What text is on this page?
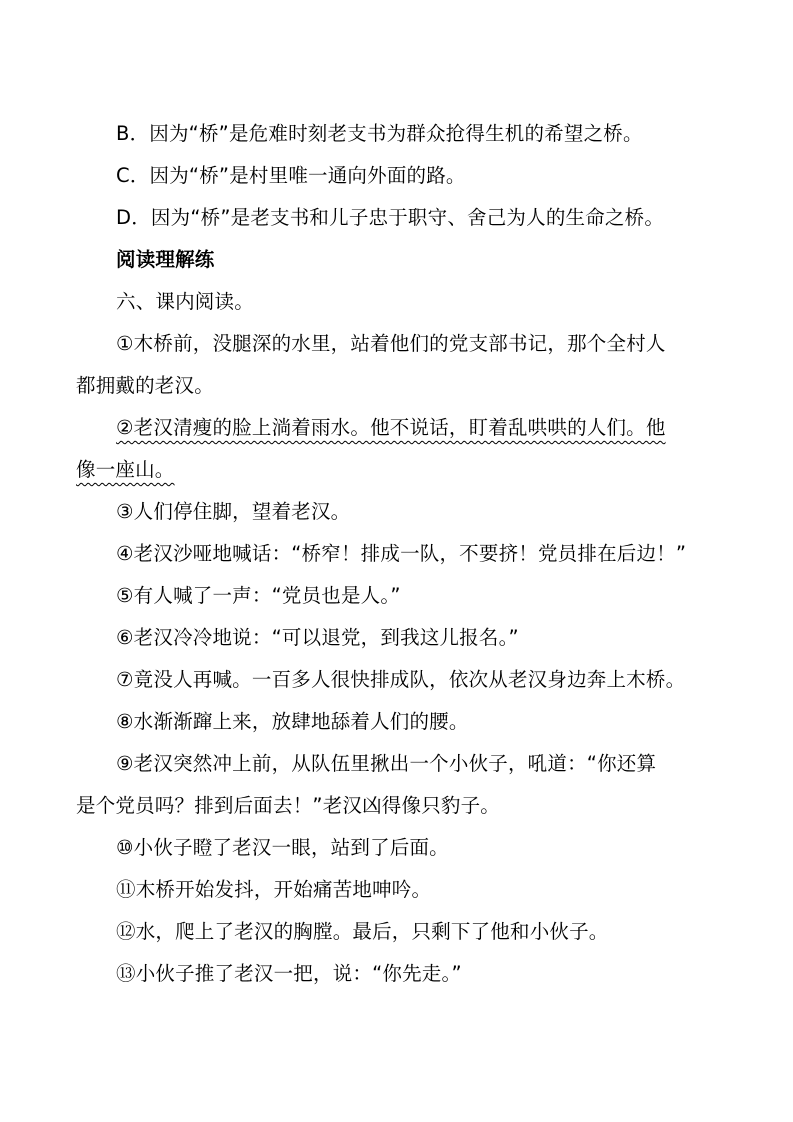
B．因为“桥”是危难时刻老支书为群众抢得生机的希望之桥。
C．因为“桥”是村里唯一通向外面的路。
D．因为“桥”是老支书和儿子忠于职守、舍己为人的生命之桥。
阅读理解练
六、课内阅读。
①木桥前，没腿深的水里，站着他们的党支部书记，那个全村人
都拥戴的老汉。
②老汉清瘦的脸上淌着雨水。他不说话，盯着乱哄哄的人们。他
像一座山。
③人们停住脚，望着老汉。
④老汉沙哑地喊话：“桥窄！排成一队，不要挤！党员排在后边！”
⑤有人喊了一声：“党员也是人。”
⑥老汉冷冷地说：“可以退党，到我这儿报名。”
⑦竟没人再喊。一百多人很快排成队，依次从老汉身边奔上木桥。
⑧水渐渐蹿上来，放肆地舔着人们的腰。
⑨老汉突然冲上前，从队伍里揪出一个小伙子，吼道：“你还算
是个党员吗？排到后面去！”老汉凶得像只豹子。
⑩小伙子瞪了老汉一眼，站到了后面。
⑪木桥开始发抖，开始痛苦地呻吟。
⑫水，爬上了老汉的胸膛。最后，只剩下了他和小伙子。
⑬小伙子推了老汉一把，说：“你先走。”
